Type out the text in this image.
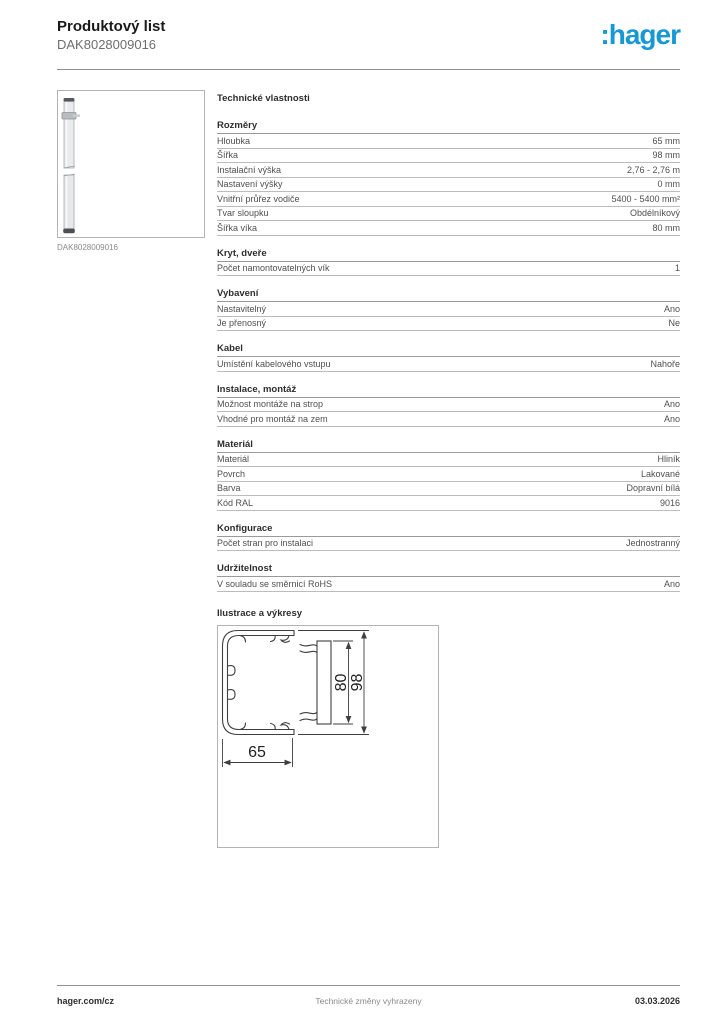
Produktový list
DAK8028009016	:hager
DAK8028009016
Technické vlastnosti
Rozměry
Hloubka	65 mm
Šířka	98 mm
Instalační výška	2,76 - 2,76 m
Nastavení výšky	0 mm
Vnitřní průřez vodiče	5400 - 5400 mm²
Tvar sloupku	Obdélníkový
Šířka víka	80 mm
Kryt, dveře
Počet namontovatelných vík	1
Vybavení
Nastavitelný	Ano
Je přenosný	Ne
Kabel
Umístění kabelového vstupu	Nahoře
Instalace, montáž
Možnost montáže na strop	Ano
Vhodné pro montáž na zem	Ano
Materiál
Materiál	Hliník
Povrch	Lakované
Barva	Dopravní bílá
Kód RAL	9016
Konfigurace
Počet stran pro instalaci	Jednostranný
Udržitelnost
V souladu se směrnicí RoHS	Ano
Ilustrace a výkresy
80 98
65
hager.com/cz	Technické změny vyhrazeny	03.03.2026
